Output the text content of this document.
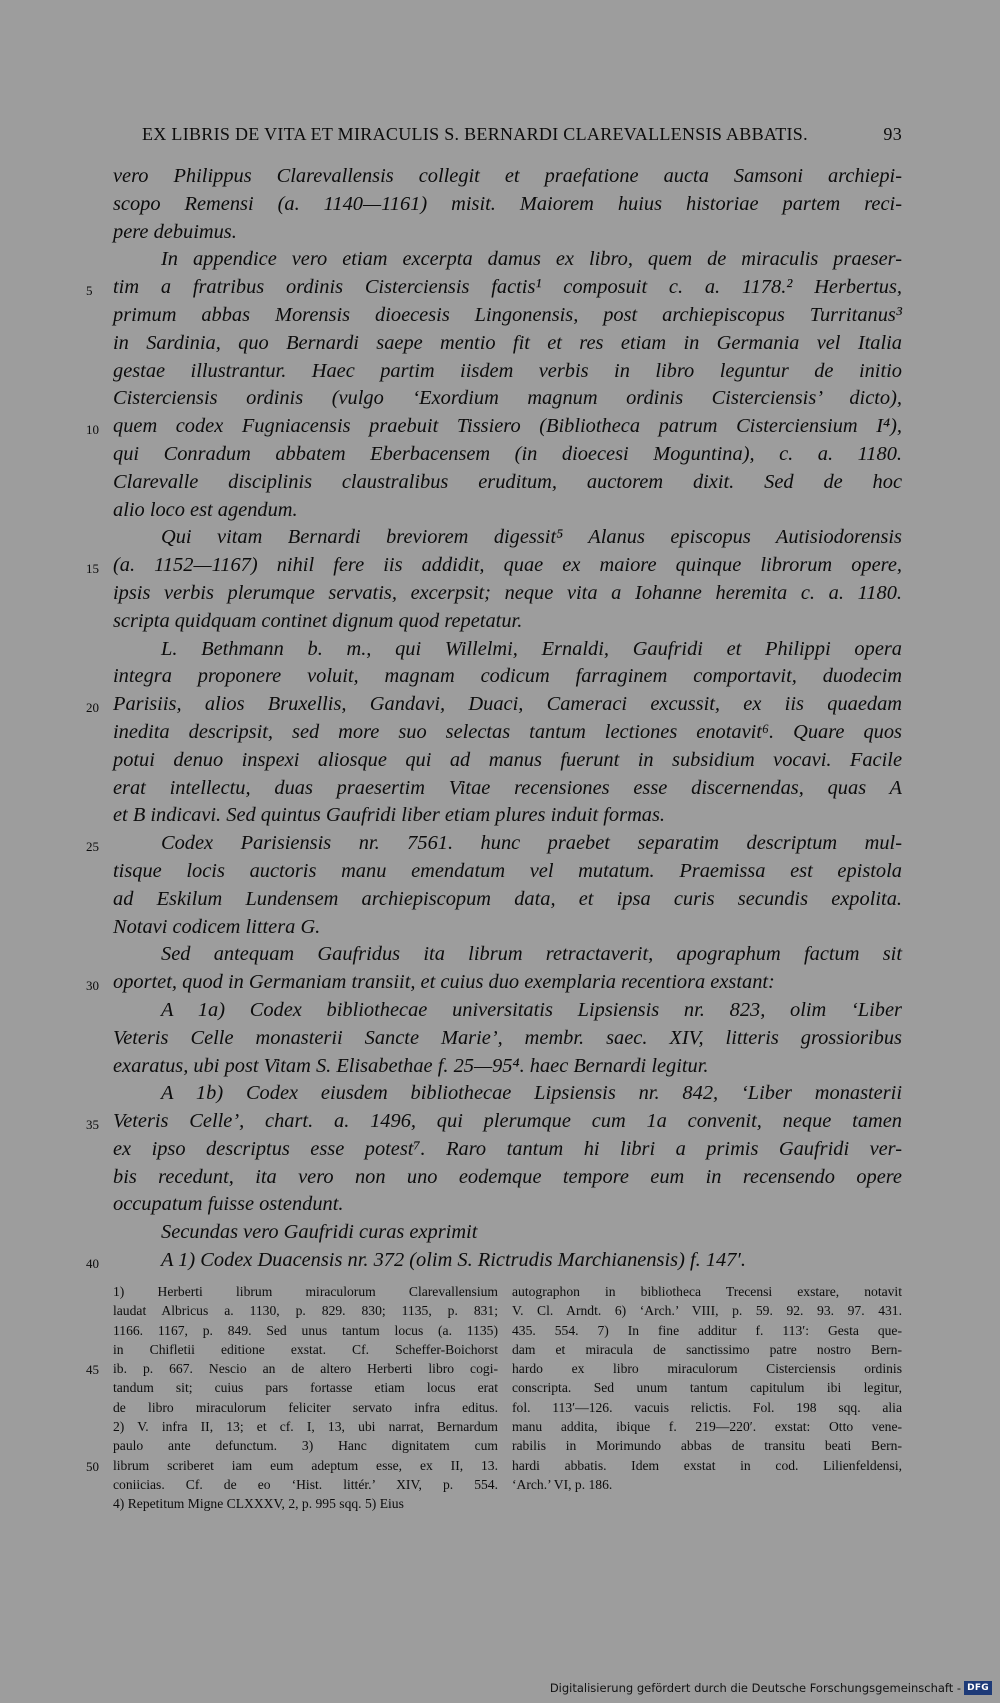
EX LIBRIS DE VITA ET MIRACULIS S. BERNARDI CLAREVALLENSIS ABBATIS.	93
vero Philippus Clarevallensis collegit et praefatione aucta Samsoni archiepi-
scopo Remensi (a. 1140—1161) misit. Maiorem huius historiae partem reci-
pere debuimus.
In appendice vero etiam excerpta damus ex libro, quem de miraculis praeser-
5	tim a fratribus ordinis Cisterciensis factis¹ composuit c. a. 1178.² Herbertus,
primum abbas Morensis dioecesis Lingonensis, post archiepiscopus Turritanus³
in Sardinia, quo Bernardi saepe mentio fit et res etiam in Germania vel Italia
gestae illustrantur. Haec partim iisdem verbis in libro leguntur de initio
Cisterciensis ordinis (vulgo ‘Exordium magnum ordinis Cisterciensis’ dicto),
10 quem codex Fugniacensis praebuit Tissiero (Bibliotheca patrum Cisterciensium I⁴),
qui Conradum abbatem Eberbacensem (in dioecesi Moguntina), c. a. 1180.
Clarevalle disciplinis claustralibus eruditum, auctorem dixit. Sed de hoc
alio loco est agendum.
Qui vitam Bernardi breviorem digessit⁵ Alanus episcopus Autisiodorensis
15 (a. 1152—1167) nihil fere iis addidit, quae ex maiore quinque librorum opere,
ipsis verbis plerumque servatis, excerpsit; neque vita a Iohanne heremita c. a. 1180.
scripta quidquam continet dignum quod repetatur.
L. Bethmann b. m., qui Willelmi, Ernaldi, Gaufridi et Philippi opera
integra proponere voluit, magnam codicum farraginem comportavit, duodecim
20 Parisiis, alios Bruxellis, Gandavi, Duaci, Cameraci excussit, ex iis quaedam
inedita descripsit, sed more suo selectas tantum lectiones enotavit⁶. Quare quos
potui denuo inspexi aliosque qui ad manus fuerunt in subsidium vocavi. Facile
erat intellectu, duas praesertim Vitae recensiones esse discernendas, quas A
et B indicavi. Sed quintus Gaufridi liber etiam plures induit formas.
25	Codex Parisiensis nr. 7561. hunc praebet separatim descriptum mul-
tisque locis auctoris manu emendatum vel mutatum. Praemissa est epistola
ad Eskilum Lundensem archiepiscopum data, et ipsa curis secundis expolita.
Notavi codicem littera G.
Sed antequam Gaufridus ita librum retractaverit, apographum factum sit
30 oportet, quod in Germaniam transiit, et cuius duo exemplaria recentiora exstant:
A 1a) Codex bibliothecae universitatis Lipsiensis nr. 823, olim ‘Liber
Veteris Celle monasterii Sancte Marie’, membr. saec. XIV, litteris grossioribus
exaratus, ubi post Vitam S. Elisabethae f. 25—95⁴. haec Bernardi legitur.
A 1b) Codex eiusdem bibliothecae Lipsiensis nr. 842, ‘Liber monasterii
35 Veteris Celle’, chart. a. 1496, qui plerumque cum 1a convenit, neque tamen
ex ipso descriptus esse potest⁷. Raro tantum hi libri a primis Gaufridi ver-
bis recedunt, ita vero non uno eodemque tempore eum in recensendo opere
occupatum fuisse ostendunt.
Secundas vero Gaufridi curas exprimit
40	A 1) Codex Duacensis nr. 372 (olim S. Rictrudis Marchianensis) f. 147′.
1) Herberti librum miraculorum Clarevallensium
laudat Albricus a. 1130, p. 829. 830; 1135, p. 831;
1166. 1167, p. 849. Sed unus tantum locus (a. 1135)
in Chifletii editione exstat. Cf. Scheffer-Boichorst
45	ib. p. 667. Nescio an de altero Herberti libro cogi-
tandum sit; cuius pars fortasse etiam locus erat
de libro miraculorum feliciter servato infra editus.
2) V. infra II, 13; et cf. I, 13, ubi narrat, Bernardum
paulo ante defunctum. 3) Hanc dignitatem cum
50	librum scriberet iam eum adeptum esse, ex II, 13.
coniicias. Cf. de eo ‘Hist. littér.’ XIV, p. 554.
4) Repetitum Migne CLXXXV, 2, p. 995 sqq. 5) Eius
autographon in bibliotheca Trecensi exstare, notavit
V. Cl. Arndt. 6) ‘Arch.’ VIII, p. 59. 92. 93. 97. 431.
435. 554. 7) In fine additur f. 113′: Gesta que-
dam et miracula de sanctissimo patre nostro Bern-
hardo ex libro miraculorum Cisterciensis ordinis
conscripta. Sed unum tantum capitulum ibi legitur,
fol. 113′—126. vacuis relictis. Fol. 198 sqq. alia
manu addita, ibique f. 219—220′. exstat: Otto vene-
rabilis in Morimundo abbas de transitu beati Bern-
hardi abbatis. Idem exstat in cod. Lilienfeldensi,
‘Arch.’ VI, p. 186.
Digitalisierung gefördert durch die Deutsche Forschungsgemeinschaft - DFG
